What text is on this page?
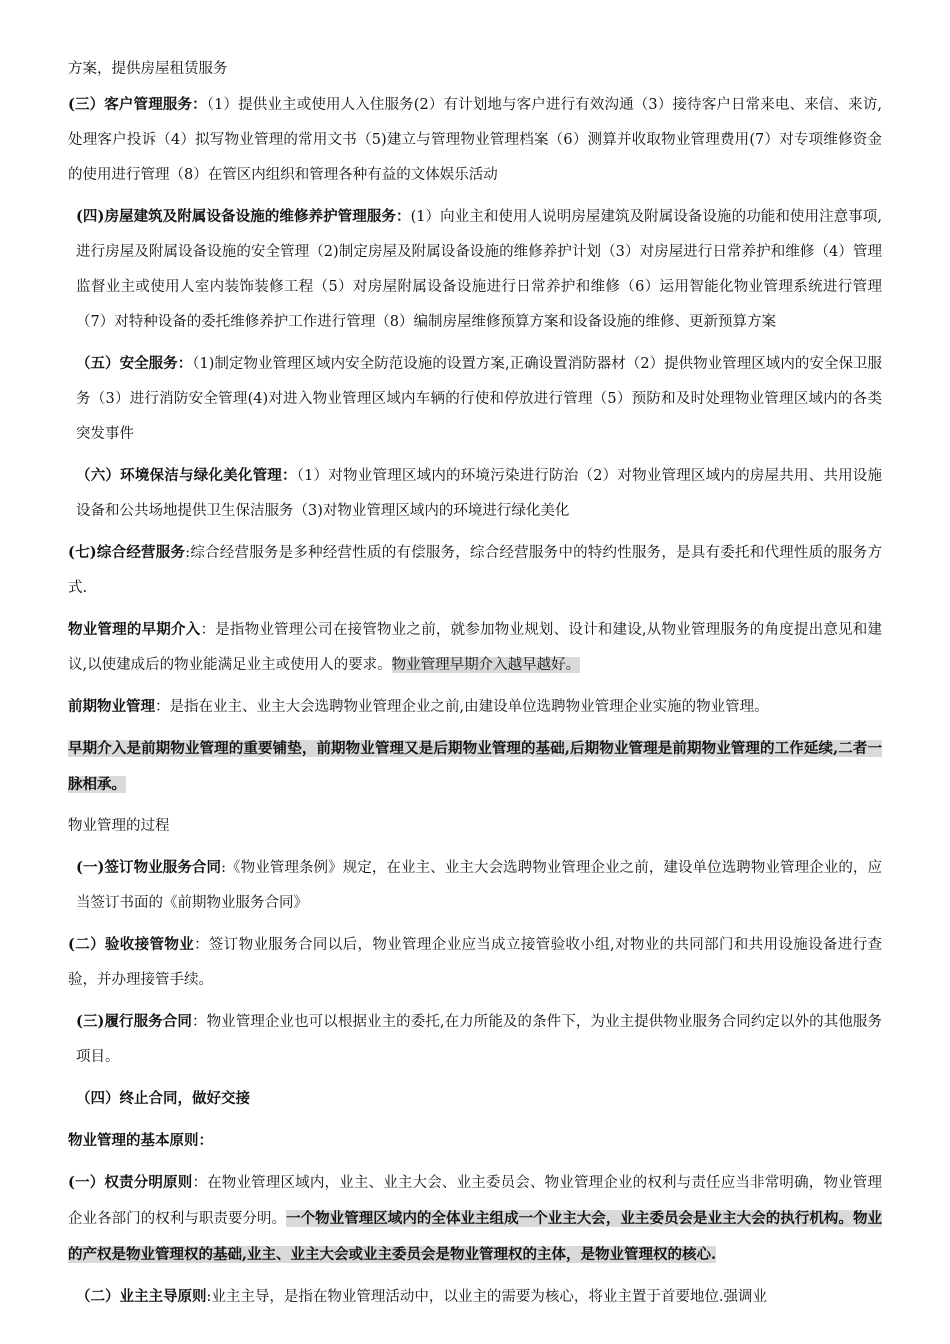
方案，提供房屋租赁服务

(三）客户管理服务：（1）提供业主或使用人入住服务(2）有计划地与客户进行有效沟通（3）接待客户日常来电、来信、来访,处理客户投诉（4）拟写物业管理的常用文书（5)建立与管理物业管理档案（6）测算并收取物业管理费用(7）对专项维修资金的使用进行管理（8）在管区内组织和管理各种有益的文体娱乐活动

(四)房屋建筑及附属设备设施的维修养护管理服务：(1）向业主和使用人说明房屋建筑及附属设备设施的功能和使用注意事项,进行房屋及附属设备设施的安全管理（2)制定房屋及附属设备设施的维修养护计划（3）对房屋进行日常养护和维修（4）管理监督业主或使用人室内装饰装修工程（5）对房屋附属设备设施进行日常养护和维修（6）运用智能化物业管理系统进行管理（7）对特种设备的委托维修养护工作进行管理（8）编制房屋维修预算方案和设备设施的维修、更新预算方案

（五）安全服务：（1)制定物业管理区域内安全防范设施的设置方案,正确设置消防器材（2）提供物业管理区域内的安全保卫服务（3）进行消防安全管理(4)对进入物业管理区域内车辆的行使和停放进行管理（5）预防和及时处理物业管理区域内的各类突发事件

（六）环境保洁与绿化美化管理：（1）对物业管理区域内的环境污染进行防治（2）对物业管理区域内的房屋共用、共用设施设备和公共场地提供卫生保洁服务（3)对物业管理区域内的环境进行绿化美化

(七)综合经营服务:综合经营服务是多种经营性质的有偿服务，综合经营服务中的特约性服务，是具有委托和代理性质的服务方式.

物业管理的早期介入：是指物业管理公司在接管物业之前，就参加物业规划、设计和建设,从物业管理服务的角度提出意见和建议,以使建成后的物业能满足业主或使用人的要求。物业管理早期介入越早越好。

前期物业管理：是指在业主、业主大会选聘物业管理企业之前,由建设单位选聘物业管理企业实施的物业管理。

早期介入是前期物业管理的重要铺垫，前期物业管理又是后期物业管理的基础,后期物业管理是前期物业管理的工作延续,二者一脉相承。

物业管理的过程

(一)签订物业服务合同:《物业管理条例》规定，在业主、业主大会选聘物业管理企业之前，建设单位选聘物业管理企业的，应当签订书面的《前期物业服务合同》

(二）验收接管物业：签订物业服务合同以后，物业管理企业应当成立接管验收小组,对物业的共同部门和共用设施设备进行查验，并办理接管手续。

(三)履行服务合同：物业管理企业也可以根据业主的委托,在力所能及的条件下，为业主提供物业服务合同约定以外的其他服务项目。

（四）终止合同，做好交接

物业管理的基本原则：

(一）权责分明原则：在物业管理区域内，业主、业主大会、业主委员会、物业管理企业的权利与责任应当非常明确，物业管理企业各部门的权利与职责要分明。一个物业管理区域内的全体业主组成一个业主大会，业主委员会是业主大会的执行机构。物业的产权是物业管理权的基础,业主、业主大会或业主委员会是物业管理权的主体，是物业管理权的核心.

（二）业主主导原则:业主主导，是指在物业管理活动中，以业主的需要为核心，将业主置于首要地位.强调业
